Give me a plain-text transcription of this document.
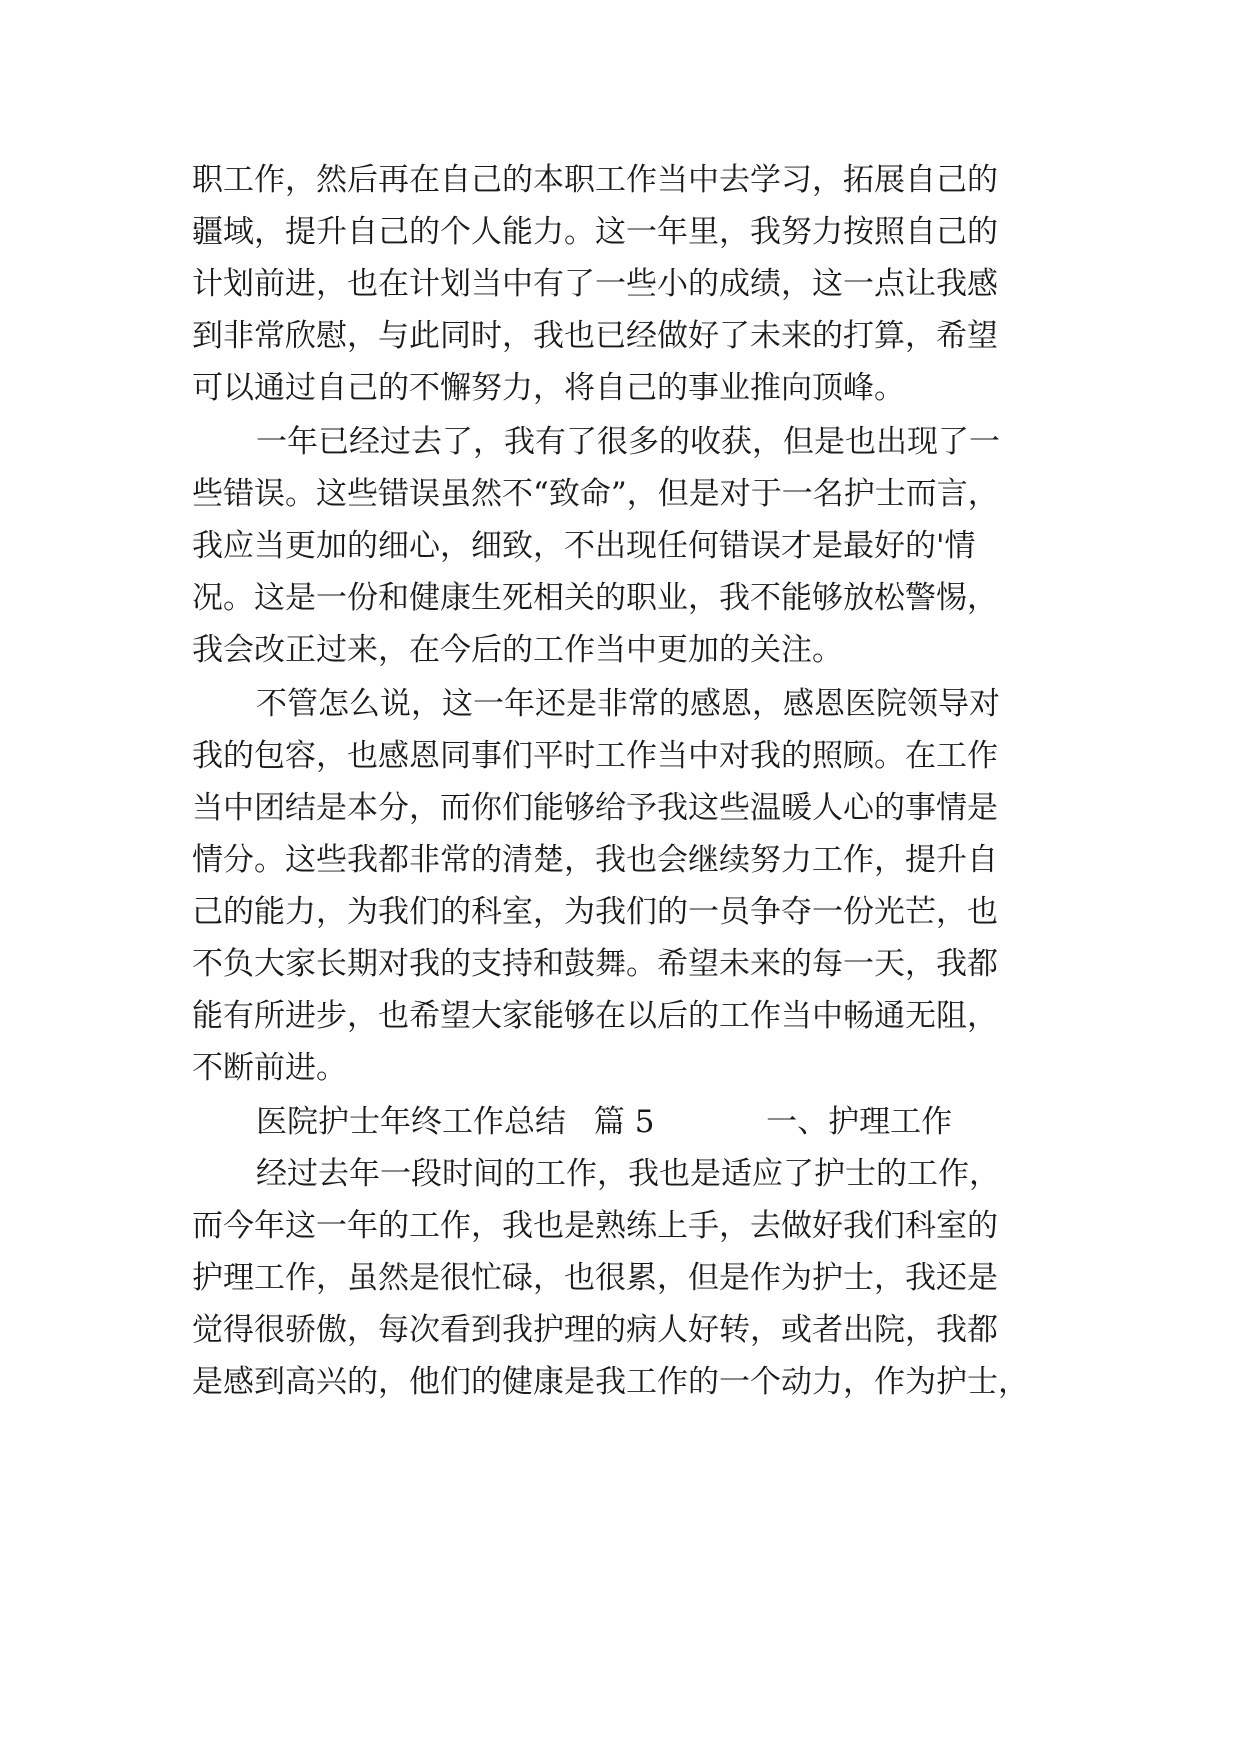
职工作，然后再在自己的本职工作当中去学习，拓展自己的
疆域，提升自己的个人能力。这一年里，我努力按照自己的
计划前进，也在计划当中有了一些小的成绩，这一点让我感
到非常欣慰，与此同时，我也已经做好了未来的打算，希望
可以通过自己的不懈努力，将自己的事业推向顶峰。
一年已经过去了，我有了很多的收获，但是也出现了一
些错误。这些错误虽然不“致命”，但是对于一名护士而言，
我应当更加的细心，细致，不出现任何错误才是最好的'情
况。这是一份和健康生死相关的职业，我不能够放松警惕，
我会改正过来，在今后的工作当中更加的关注。
不管怎么说，这一年还是非常的感恩，感恩医院领导对
我的包容，也感恩同事们平时工作当中对我的照顾。在工作
当中团结是本分，而你们能够给予我这些温暖人心的事情是
情分。这些我都非常的清楚，我也会继续努力工作，提升自
己的能力，为我们的科室，为我们的一员争夺一份光芒，也
不负大家长期对我的支持和鼓舞。希望未来的每一天，我都
能有所进步，也希望大家能够在以后的工作当中畅通无阻，
不断前进。
医院护士年终工作总结 篇 5	一、护理工作
经过去年一段时间的工作，我也是适应了护士的工作，
而今年这一年的工作，我也是熟练上手，去做好我们科室的
护理工作，虽然是很忙碌，也很累，但是作为护士，我还是
觉得很骄傲，每次看到我护理的病人好转，或者出院，我都
是感到高兴的，他们的健康是我工作的一个动力，作为护士，
